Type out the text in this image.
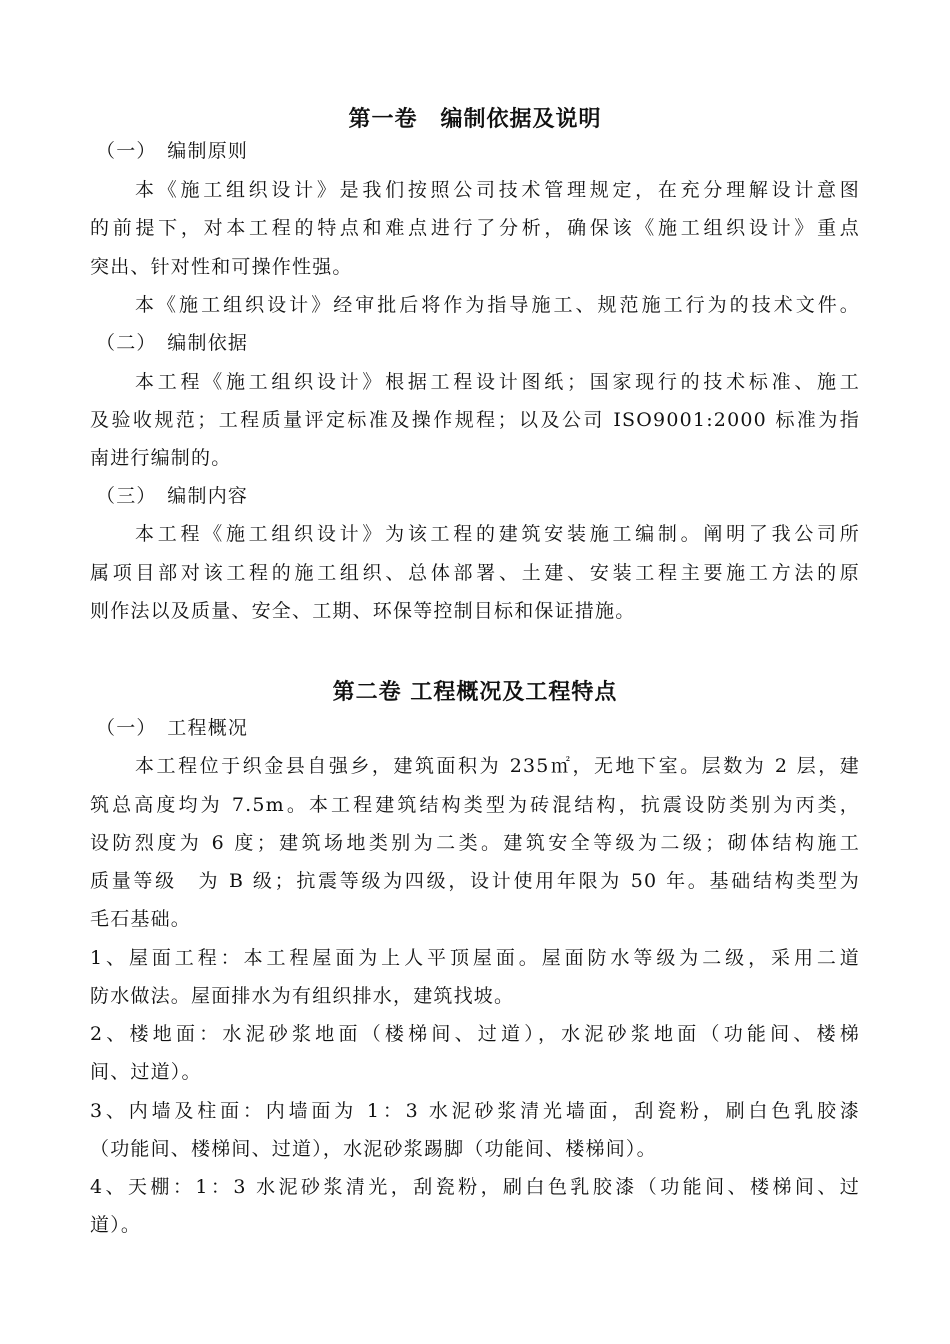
第一卷　编制依据及说明
（一）　编制原则
本《施工组织设计》是我们按照公司技术管理规定，在充分理解设计意图
的前提下，对本工程的特点和难点进行了分析，确保该《施工组织设计》重点
突出、针对性和可操作性强。
本《施工组织设计》经审批后将作为指导施工、规范施工行为的技术文件。
（二）　编制依据
本工程《施工组织设计》根据工程设计图纸；国家现行的技术标准、施工
及验收规范；工程质量评定标准及操作规程；以及公司 ISO9001:2000 标准为指
南进行编制的。
（三）　编制内容
本工程《施工组织设计》为该工程的建筑安装施工编制。阐明了我公司所
属项目部对该工程的施工组织、总体部署、土建、安装工程主要施工方法的原
则作法以及质量、安全、工期、环保等控制目标和保证措施。
第二卷 工程概况及工程特点
（一）　工程概况
本工程位于织金县自强乡，建筑面积为 235㎡，无地下室。层数为 2 层，建
筑总高度均为 7.5m。本工程建筑结构类型为砖混结构，抗震设防类别为丙类，
设防烈度为 6 度；建筑场地类别为二类。建筑安全等级为二级；砌体结构施工
质量等级　为 B 级；抗震等级为四级，设计使用年限为 50 年。基础结构类型为
毛石基础。
1、屋面工程：本工程屋面为上人平顶屋面。屋面防水等级为二级，采用二道
防水做法。屋面排水为有组织排水，建筑找坡。
2、楼地面：水泥砂浆地面（楼梯间、过道），水泥砂浆地面（功能间、楼梯
间、过道）。
3、内墙及柱面：内墙面为 1：3 水泥砂浆清光墙面，刮瓷粉，刷白色乳胶漆
（功能间、楼梯间、过道），水泥砂浆踢脚（功能间、楼梯间）。
4、天棚：1：3 水泥砂浆清光，刮瓷粉，刷白色乳胶漆（功能间、楼梯间、过
道）。
